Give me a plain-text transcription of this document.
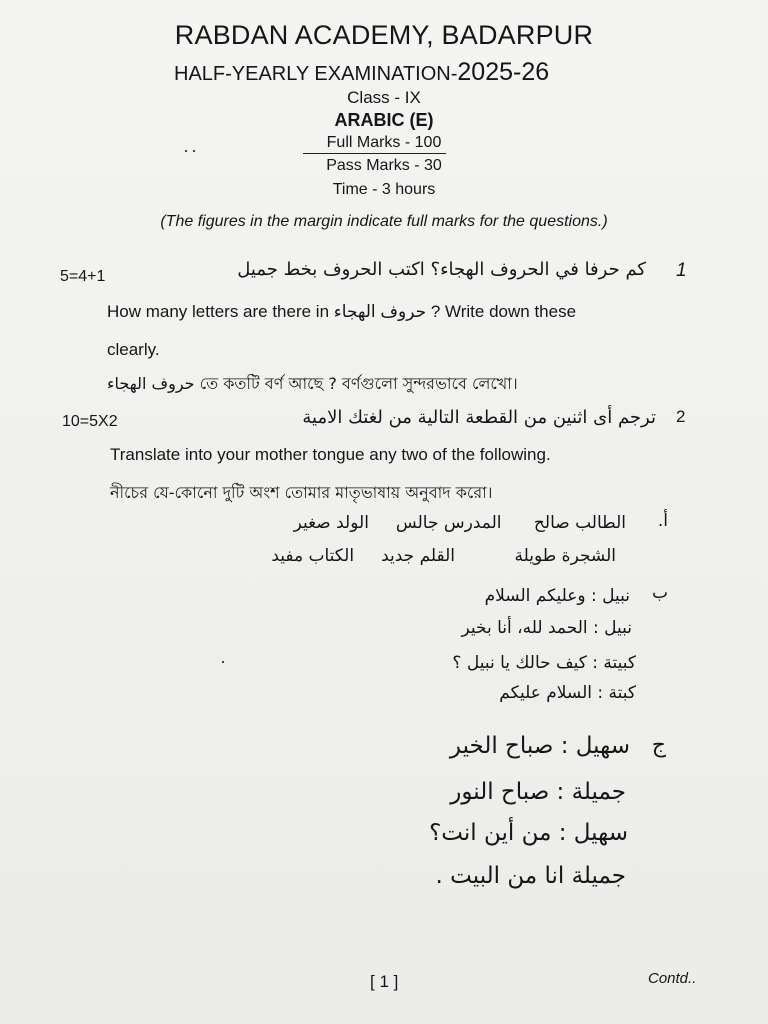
RABDAN ACADEMY, BADARPUR
HALF-YEARLY EXAMINATION-2025-26
Class - IX
ARABIC (E)
Full Marks - 100
Pass Marks - 30
Time - 3 hours
(The figures in the margin indicate full marks for the questions.)
5=4+1	كم حرفا في الحروف الهجاء؟ اكتب الحروف بخط جميل 1
How many letters are there in حروف الهجاء ? Write down these
clearly.
حروف الهجاء তে কতটি বর্ণ আছে ? বর্ণগুলো সুন্দরভাবে লেখো।
10=5X2	ترجم أى اثنين من القطعة التالية من لغتك الامية 2
Translate into your mother tongue any two of the following.
নীচের যে-কোনো দুটি অংশ তোমার মাতৃভাষায় অনুবাদ করো।
أ.
الطالب صالح      المدرس جالس     الولد صغير
الشجرة طويلة           القلم جديد     الكتاب مفيد
ب
نبيل : وعليكم السلام
نبيل : الحمد لله، أنا بخير
كبيتة : كيف حالك يا نبيل ؟
كبتة : السلام عليكم
ج
سهيل : صباح الخير
جميلة : صباح النور
سهيل : من أين انت؟
جميلة انا من البيت .
[ 1 ]	Contd..
